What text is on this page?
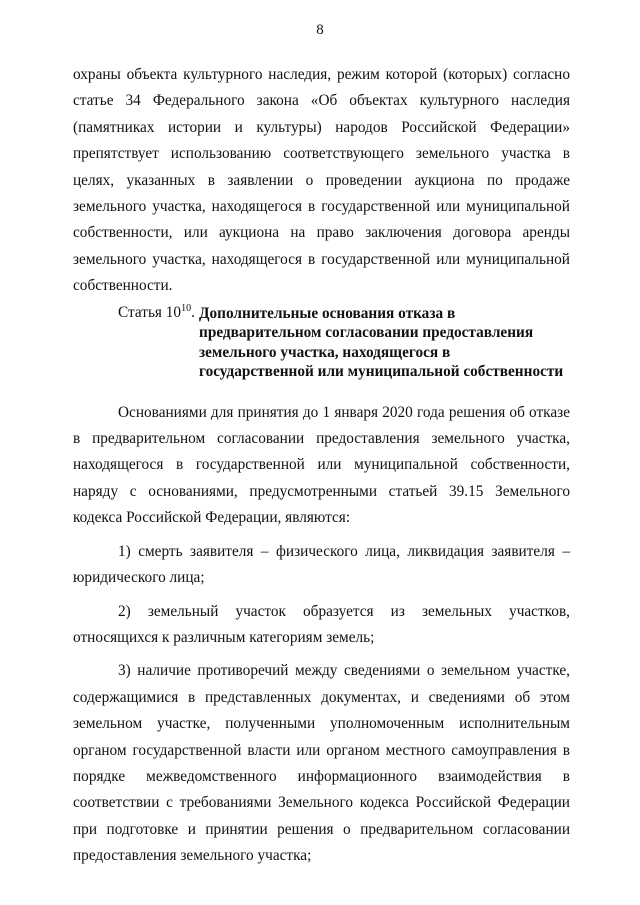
8

охраны объекта культурного наследия, режим которой (которых) согласно статье 34 Федерального закона «Об объектах культурного наследия (памятниках истории и культуры) народов Российской Федерации» препятствует использованию соответствующего земельного участка в целях, указанных в заявлении о проведении аукциона по продаже земельного участка, находящегося в государственной или муниципальной собственности, или аукциона на право заключения договора аренды земельного участка, находящегося в государственной или муниципальной собственности.

Статья $10^{10}$. Дополнительные основания отказа в
предварительном согласовании предоставления
земельного участка, находящегося в
государственной или муниципальной собственности

Основаниями для принятия до 1 января 2020 года решения об отказе в предварительном согласовании предоставления земельного участка, находящегося в государственной или муниципальной собственности, наряду с основаниями, предусмотренными статьей 39.15 Земельного кодекса Российской Федерации, являются:

1) смерть заявителя – физического лица, ликвидация заявителя – юридического лица;

2) земельный участок образуется из земельных участков, относящихся к различным категориям земель;

3) наличие противоречий между сведениями о земельном участке, содержащимися в представленных документах, и сведениями об этом земельном участке, полученными уполномоченным исполнительным органом государственной власти или органом местного самоуправления в порядке межведомственного информационного взаимодействия в соответствии с требованиями Земельного кодекса Российской Федерации при подготовке и принятии решения о предварительном согласовании предоставления земельного участка;
